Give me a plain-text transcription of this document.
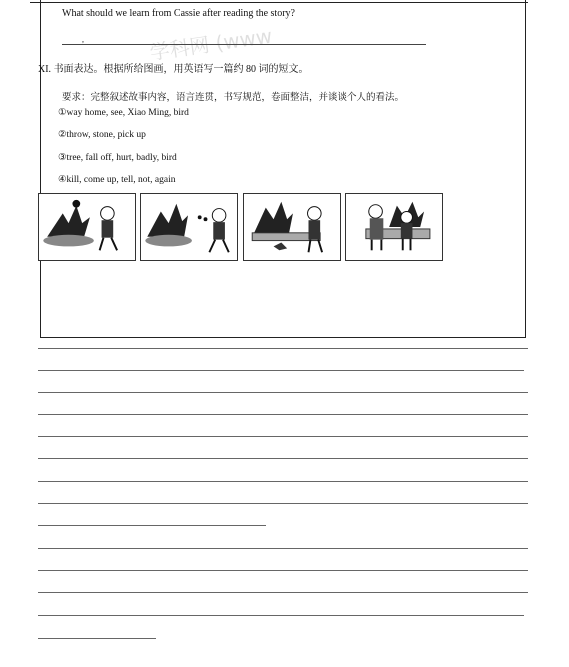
学科网 (www
What should we learn from Cassie after reading the story?
,
XI. 书面表达。根据所给图画，用英语写一篇约 80 词的短文。
要求：完整叙述故事内容，语言连贯，书写规范，卷面整洁，并谈谈个人的看法。
①way home, see, Xiao Ming, bird
②throw, stone, pick up
③tree, fall off, hurt, badly, bird
④kill, come up, tell, not, again
